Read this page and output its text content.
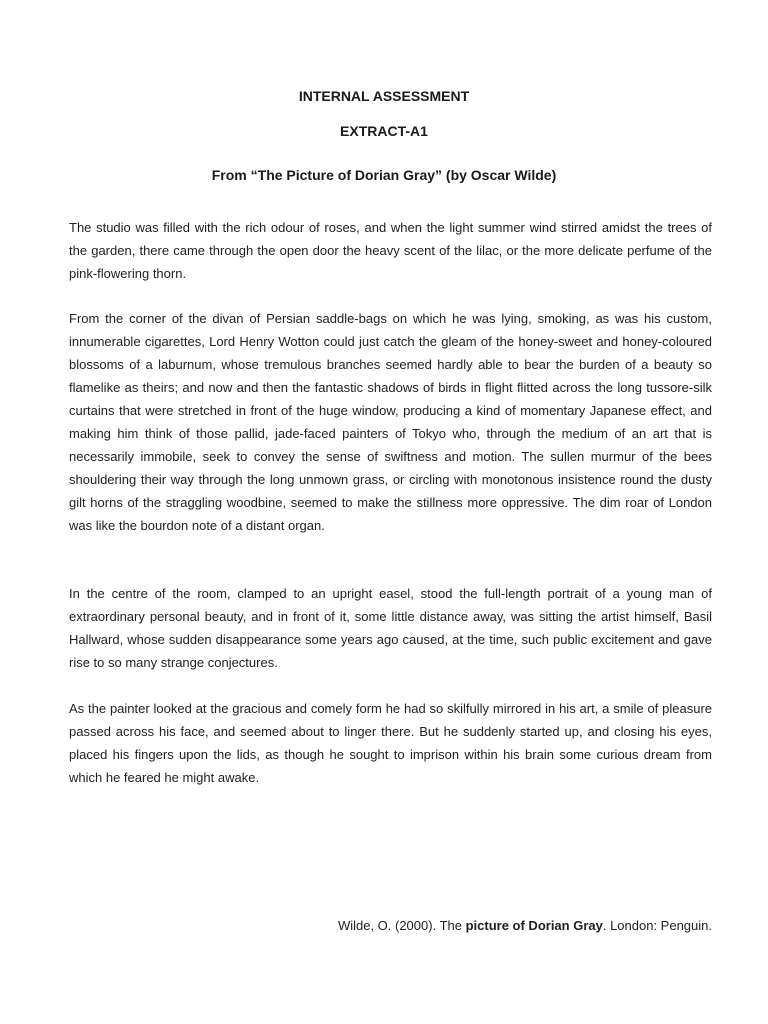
INTERNAL ASSESSMENT
EXTRACT-A1
From “The Picture of Dorian Gray” (by Oscar Wilde)

The studio was filled with the rich odour of roses, and when the light summer wind stirred amidst the trees of the garden, there came through the open door the heavy scent of the lilac, or the more delicate perfume of the pink-flowering thorn.

From the corner of the divan of Persian saddle-bags on which he was lying, smoking, as was his custom, innumerable cigarettes, Lord Henry Wotton could just catch the gleam of the honey-sweet and honey-coloured blossoms of a laburnum, whose tremulous branches seemed hardly able to bear the burden of a beauty so flamelike as theirs; and now and then the fantastic shadows of birds in flight flitted across the long tussore-silk curtains that were stretched in front of the huge window, producing a kind of momentary Japanese effect, and making him think of those pallid, jade-faced painters of Tokyo who, through the medium of an art that is necessarily immobile, seek to convey the sense of swiftness and motion. The sullen murmur of the bees shouldering their way through the long unmown grass, or circling with monotonous insistence round the dusty gilt horns of the straggling woodbine, seemed to make the stillness more oppressive. The dim roar of London was like the bourdon note of a distant organ.

In the centre of the room, clamped to an upright easel, stood the full-length portrait of a young man of extraordinary personal beauty, and in front of it, some little distance away, was sitting the artist himself, Basil Hallward, whose sudden disappearance some years ago caused, at the time, such public excitement and gave rise to so many strange conjectures.

As the painter looked at the gracious and comely form he had so skilfully mirrored in his art, a smile of pleasure passed across his face, and seemed about to linger there. But he suddenly started up, and closing his eyes, placed his fingers upon the lids, as though he sought to imprison within his brain some curious dream from which he feared he might awake.

Wilde, O. (2000). The picture of Dorian Gray. London: Penguin.
